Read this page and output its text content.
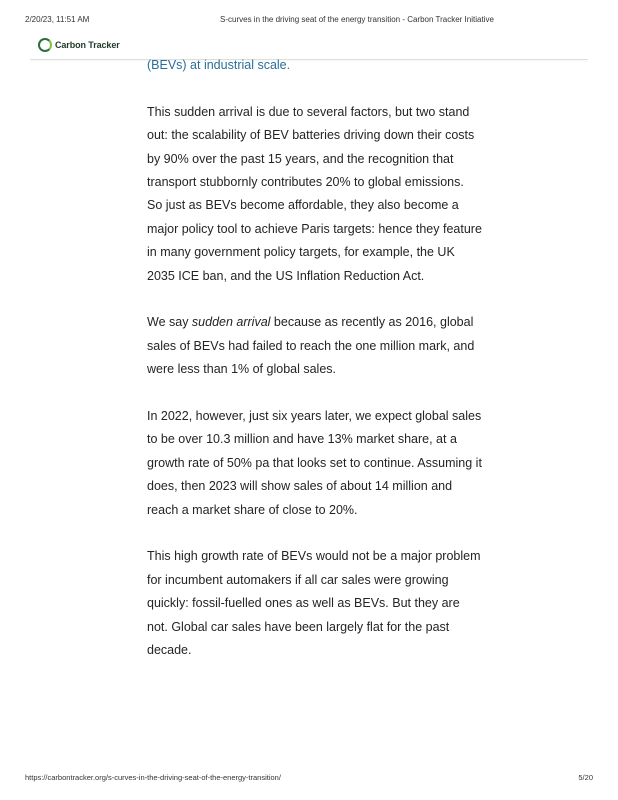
2/20/23, 11:51 AM	S-curves in the driving seat of the energy transition - Carbon Tracker Initiative
Carbon Tracker

(BEVs) at industrial scale.

This sudden arrival is due to several factors, but two stand out: the scalability of BEV batteries driving down their costs by 90% over the past 15 years, and the recognition that transport stubbornly contributes 20% to global emissions. So just as BEVs become affordable, they also become a major policy tool to achieve Paris targets: hence they feature in many government policy targets, for example, the UK 2035 ICE ban, and the US Inflation Reduction Act.

We say sudden arrival because as recently as 2016, global sales of BEVs had failed to reach the one million mark, and were less than 1% of global sales.

In 2022, however, just six years later, we expect global sales to be over 10.3 million and have 13% market share, at a growth rate of 50% pa that looks set to continue. Assuming it does, then 2023 will show sales of about 14 million and reach a market share of close to 20%.

This high growth rate of BEVs would not be a major problem for incumbent automakers if all car sales were growing quickly: fossil-fuelled ones as well as BEVs. But they are not. Global car sales have been largely flat for the past decade.

https://carbontracker.org/s-curves-in-the-driving-seat-of-the-energy-transition/	5/20
